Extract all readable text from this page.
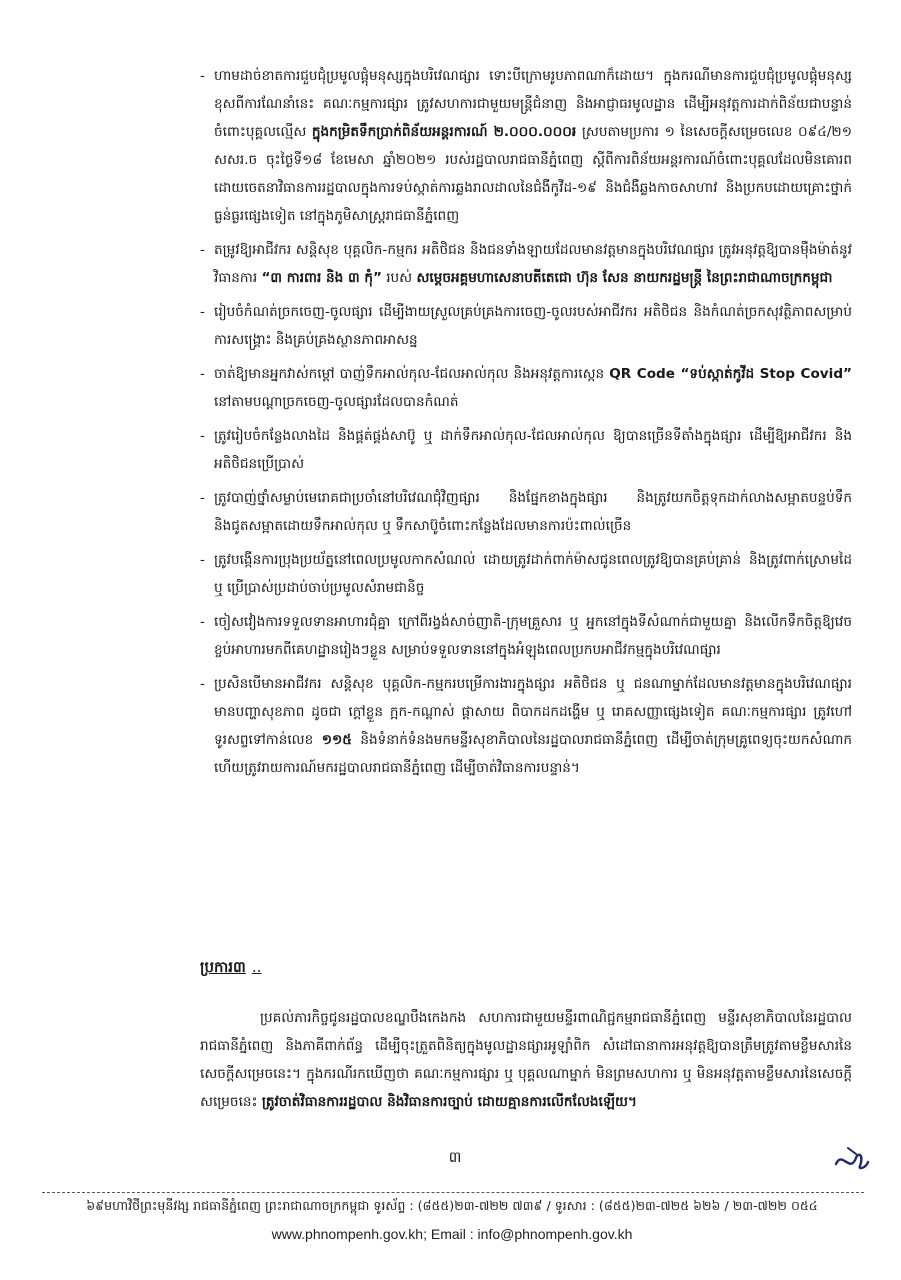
- ហាមដាច់ខាតការជួបជុំប្រមូលផ្តុំមនុស្សក្នុងបរិវេណផ្សារ ទោះបីក្រោមរូបភាពណាក៏ដោយ។ ក្នុងករណីមានការជួបជុំប្រមូលផ្តុំមនុស្សខុសពីការណែនាំនេះ គណៈកម្មការផ្សារ ត្រូវសហការជាមួយមន្ត្រីជំនាញ និងអាជ្ញាធរមូលដ្ឋាន ដើម្បីអនុវត្តការដាក់ពិន័យជាបន្ទាន់ចំពោះបុគ្គលល្មើស ក្នុងកម្រិតទឹកប្រាក់ពិន័យអន្តរការណ៍ ២.០០០.០០០៛ ស្របតាមប្រការ ១ នៃសេចក្តីសម្រេចលេខ ០៩៤/២១ សសរ.ច ចុះថ្ងៃទី១៨ ខែមេសា ឆ្នាំ២០២១ របស់រដ្ឋបាលរាជធានីភ្នំពេញ ស្តីពីការពិន័យអន្តរការណ៍ចំពោះបុគ្គលដែលមិនគោរពដោយចេតនាវិធានការរដ្ឋបាលក្នុងការទប់ស្កាត់ការឆ្លងរាលដាលនៃជំងឺកូវីដ-១៩ និងជំងឺឆ្លងកាចសាហាវ និងប្រកបដោយគ្រោះថ្នាក់ធ្ងន់ធ្ងរផ្សេងទៀត នៅក្នុងភូមិសាស្ត្ររាជធានីភ្នំពេញ

- តម្រូវឱ្យអាជីវករ សន្តិសុខ បុគ្គលិក-កម្មករ អតិថិជន និងជនទាំងឡាយដែលមានវត្តមានក្នុងបរិវេណផ្សារ ត្រូវអនុវត្តឱ្យបានម៉ឺងម៉ាត់នូវវិធានការ “៣ ការពារ និង ៣ កុំ” របស់ សម្តេចអគ្គមហាសេនាបតីតេជោ ហ៊ុន សែន នាយករដ្ឋមន្ត្រី នៃព្រះរាជាណាចក្រកម្ពុជា

- រៀបចំកំណត់ច្រកចេញ-ចូលផ្សារ ដើម្បីងាយស្រួលគ្រប់គ្រងការចេញ-ចូលរបស់អាជីវករ អតិថិជន និងកំណត់ច្រកសុវត្ថិភាពសម្រាប់ការសង្គ្រោះ និងគ្រប់គ្រងស្ថានភាពអាសន្ន

- ចាត់ឱ្យមានអ្នកវាស់កម្តៅ បាញ់ទឹកអាល់កុល-ជែលអាល់កុល និងអនុវត្តការស្កេន QR Code “ទប់ស្កាត់កូវីដ Stop Covid” នៅតាមបណ្តាច្រកចេញ-ចូលផ្សារដែលបានកំណត់

- ត្រូវរៀបចំកន្លែងលាងដៃ និងផ្គត់ផ្គង់សាប៊ូ ឬ ដាក់ទឹកអាល់កុល-ជែលអាល់កុល ឱ្យបានច្រើនទីតាំងក្នុងផ្សារ ដើម្បីឱ្យអាជីវករ និងអតិថិជនប្រើប្រាស់

- ត្រូវបាញ់ថ្នាំសម្លាប់មេរោគជាប្រចាំនៅបរិវេណជុំវិញផ្សារ និងផ្នែកខាងក្នុងផ្សារ និងត្រូវយកចិត្តទុកដាក់លាងសម្អាតបន្ទប់ទឹក និងជូតសម្អាតដោយទឹកអាល់កុល ឬ ទឹកសាប៊ូចំពោះកន្លែងដែលមានការប៉ះពាល់ច្រើន

- ត្រូវបង្កើនការប្រុងប្រយ័ត្ននៅពេលប្រមូលកាកសំណល់ ដោយត្រូវដាក់ពាក់ម៉ាសជូនពេលត្រូវឱ្យបានគ្រប់គ្រាន់ និងត្រូវពាក់ស្រោមដៃ ឬ ប្រើប្រាស់ប្រដាប់ចាប់ប្រមូលសំរាមជានិច្ច

- ចៀសវៀងការទទួលទានអាហារជុំគ្នា ក្រៅពីរង្វង់សាច់ញាតិ-ក្រុមគ្រួសារ ឬ អ្នកនៅក្នុងទីសំណាក់ជាមួយគ្នា និងលើកទឹកចិត្តឱ្យវេចខ្ចប់អាហារមកពីគេហដ្ឋានរៀងៗខ្លួន សម្រាប់ទទួលទាននៅក្នុងអំឡុងពេលប្រកបអាជីវកម្មក្នុងបរិវេណផ្សារ

- ប្រសិនបើមានអាជីវករ សន្តិសុខ បុគ្គលិក-កម្មករបម្រើការងារក្នុងផ្សារ អតិថិជន ឬ ជនណាម្នាក់ដែលមានវត្តមានក្នុងបរិវេណផ្សារ មានបញ្ហាសុខភាព ដូចជា ក្តៅខ្លួន ក្អក-កណ្តាស់ ផ្តាសាយ ពិបាកដកដង្ហើម ឬ រោគសញ្ញាផ្សេងទៀត គណៈកម្មការផ្សារ ត្រូវហៅទូរសព្ទទៅកាន់លេខ ១១៥ និងទំនាក់ទំនងមកមន្ទីរសុខាភិបាលនៃរដ្ឋបាលរាជធានីភ្នំពេញ ដើម្បីចាត់ក្រុមគ្រូពេទ្យចុះយកសំណាក ហើយត្រូវរាយការណ៍មករដ្ឋបាលរាជធានីភ្នំពេញ ដើម្បីចាត់វិធានការបន្ទាន់។

ប្រការ៣ ..

ប្រគល់ភារកិច្ចជូនរដ្ឋបាលខណ្ឌបឹងកេងកង សហការជាមួយមន្ទីរពាណិជ្ជកម្មរាជធានីភ្នំពេញ មន្ទីរសុខាភិបាលនៃរដ្ឋបាលរាជធានីភ្នំពេញ និងភាគីពាក់ព័ន្ធ ដើម្បីចុះត្រួតពិនិត្យក្នុងមូលដ្ឋានផ្សារអូឡាំពិក សំដៅធានាការអនុវត្តឱ្យបានត្រឹមត្រូវតាមខ្លឹមសារនៃសេចក្តីសម្រេចនេះ។ ក្នុងករណីរកឃើញថា គណៈកម្មការផ្សារ ឬ បុគ្គលណាម្នាក់ មិនព្រមសហការ ឬ មិនអនុវត្តតាមខ្លឹមសារនៃសេចក្តីសម្រេចនេះ ត្រូវចាត់វិធានការរដ្ឋបាល និងវិធានការច្បាប់ ដោយគ្មានការលើកលែងឡើយ។

៣
៦៩មហាវិថីព្រះមុនីវង្ស រាជធានីភ្នំពេញ ព្រះរាជាណាចក្រកម្ពុជា ទូរស័ព្ទ : (៨៥៥)២៣-៧២២ ៧៣៩ / ទូរសារ : (៨៥៥)២៣-៧២៥ ៦២៦ / ២៣-៧២២ ០៥៤
www.phnompenh.gov.kh; Email : info@phnompenh.gov.kh
